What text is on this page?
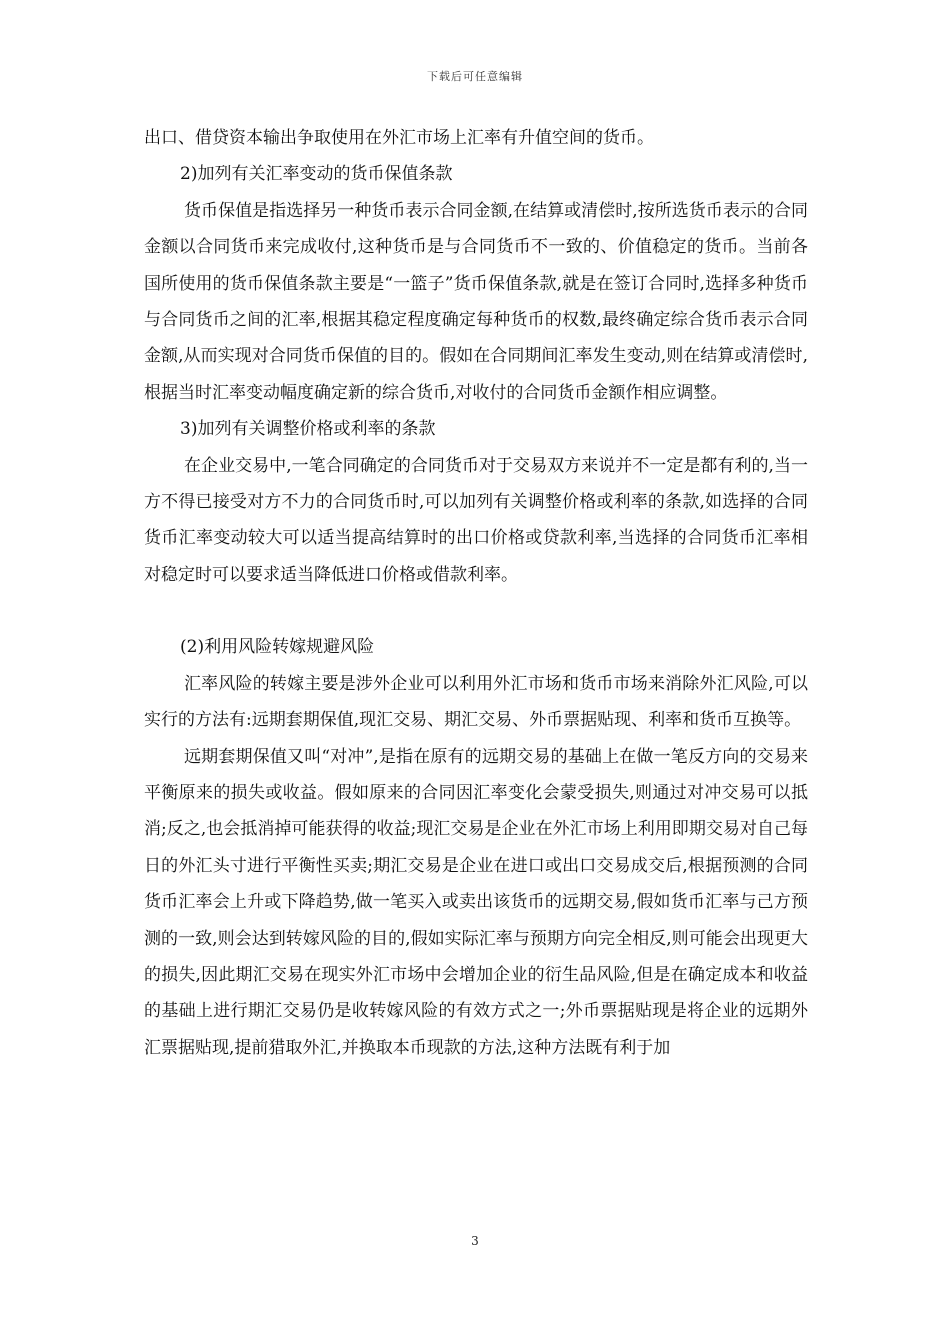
下载后可任意编辑

出口、借贷资本输出争取使用在外汇市场上汇率有升值空间的货币。

2)加列有关汇率变动的货币保值条款

货币保值是指选择另一种货币表示合同金额,在结算或清偿时,按所选货币表示的合同金额以合同货币来完成收付,这种货币是与合同货币不一致的、价值稳定的货币。当前各国所使用的货币保值条款主要是“一篮子”货币保值条款,就是在签订合同时,选择多种货币与合同货币之间的汇率,根据其稳定程度确定每种货币的权数,最终确定综合货币表示合同金额,从而实现对合同货币保值的目的。假如在合同期间汇率发生变动,则在结算或清偿时,根据当时汇率变动幅度确定新的综合货币,对收付的合同货币金额作相应调整。

3)加列有关调整价格或利率的条款

在企业交易中,一笔合同确定的合同货币对于交易双方来说并不一定是都有利的,当一方不得已接受对方不力的合同货币时,可以加列有关调整价格或利率的条款,如选择的合同货币汇率变动较大可以适当提高结算时的出口价格或贷款利率,当选择的合同货币汇率相对稳定时可以要求适当降低进口价格或借款利率。

(2)利用风险转嫁规避风险

汇率风险的转嫁主要是涉外企业可以利用外汇市场和货币市场来消除外汇风险,可以实行的方法有:远期套期保值,现汇交易、期汇交易、外币票据贴现、利率和货币互换等。

远期套期保值又叫“对冲”,是指在原有的远期交易的基础上在做一笔反方向的交易来平衡原来的损失或收益。假如原来的合同因汇率变化会蒙受损失,则通过对冲交易可以抵消;反之,也会抵消掉可能获得的收益;现汇交易是企业在外汇市场上利用即期交易对自己每日的外汇头寸进行平衡性买卖;期汇交易是企业在进口或出口交易成交后,根据预测的合同货币汇率会上升或下降趋势,做一笔买入或卖出该货币的远期交易,假如货币汇率与己方预测的一致,则会达到转嫁风险的目的,假如实际汇率与预期方向完全相反,则可能会出现更大的损失,因此期汇交易在现实外汇市场中会增加企业的衍生品风险,但是在确定成本和收益的基础上进行期汇交易仍是收转嫁风险的有效方式之一;外币票据贴现是将企业的远期外汇票据贴现,提前猎取外汇,并换取本币现款的方法,这种方法既有利于加

3
